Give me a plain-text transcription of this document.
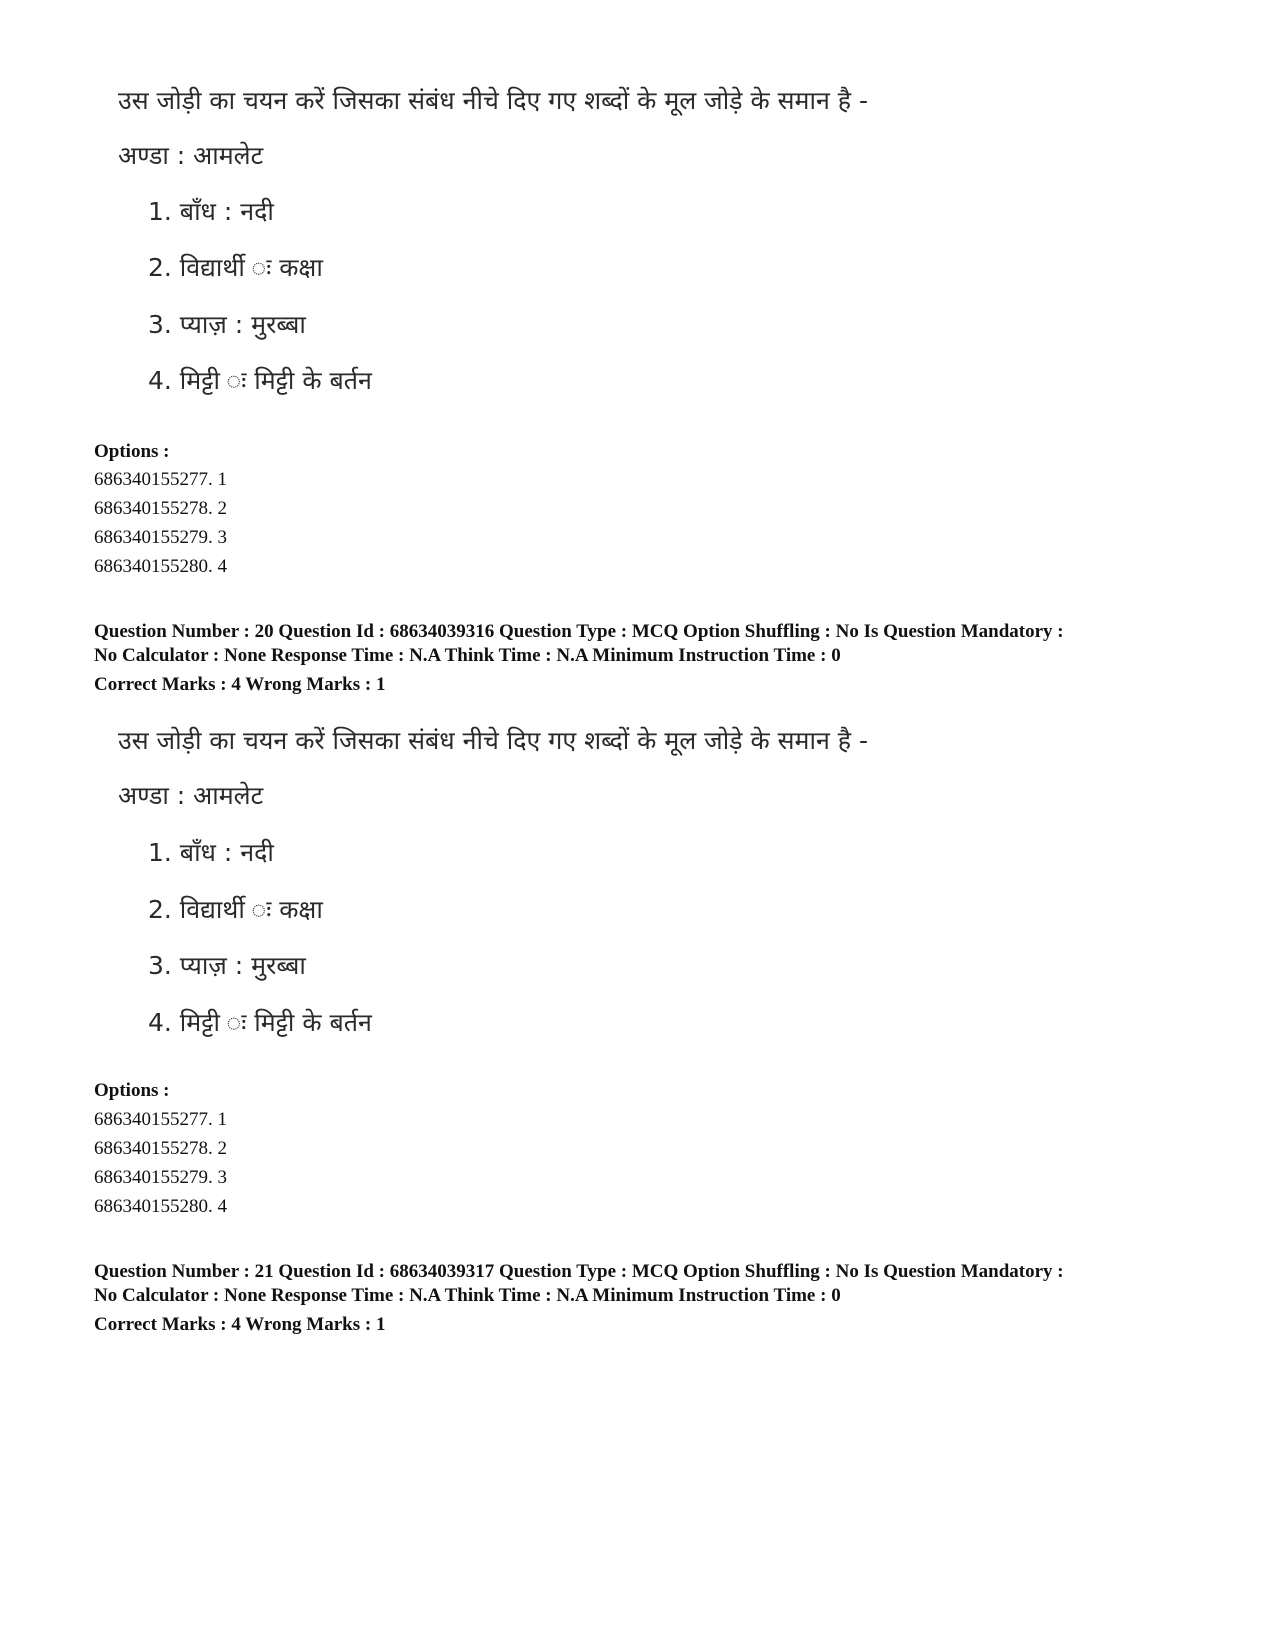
उस जोड़ी का चयन करें जिसका संबंध नीचे दिए गए शब्दों के मूल जोड़े के समान है -
अण्डा : आमलेट
1. बाँध : नदी
2. विद्यार्थी ः कक्षा
3. प्याज़ : मुरब्बा
4. मिट्टी ः मिट्टी के बर्तन
Options :
686340155277. 1
686340155278. 2
686340155279. 3
686340155280. 4
Question Number : 20 Question Id : 68634039316 Question Type : MCQ Option Shuffling : No Is Question Mandatory :
No Calculator : None Response Time : N.A Think Time : N.A Minimum Instruction Time : 0
Correct Marks : 4 Wrong Marks : 1
उस जोड़ी का चयन करें जिसका संबंध नीचे दिए गए शब्दों के मूल जोड़े के समान है -
अण्डा : आमलेट
1. बाँध : नदी
2. विद्यार्थी ः कक्षा
3. प्याज़ : मुरब्बा
4. मिट्टी ः मिट्टी के बर्तन
Options :
686340155277. 1
686340155278. 2
686340155279. 3
686340155280. 4
Question Number : 21 Question Id : 68634039317 Question Type : MCQ Option Shuffling : No Is Question Mandatory :
No Calculator : None Response Time : N.A Think Time : N.A Minimum Instruction Time : 0
Correct Marks : 4 Wrong Marks : 1
